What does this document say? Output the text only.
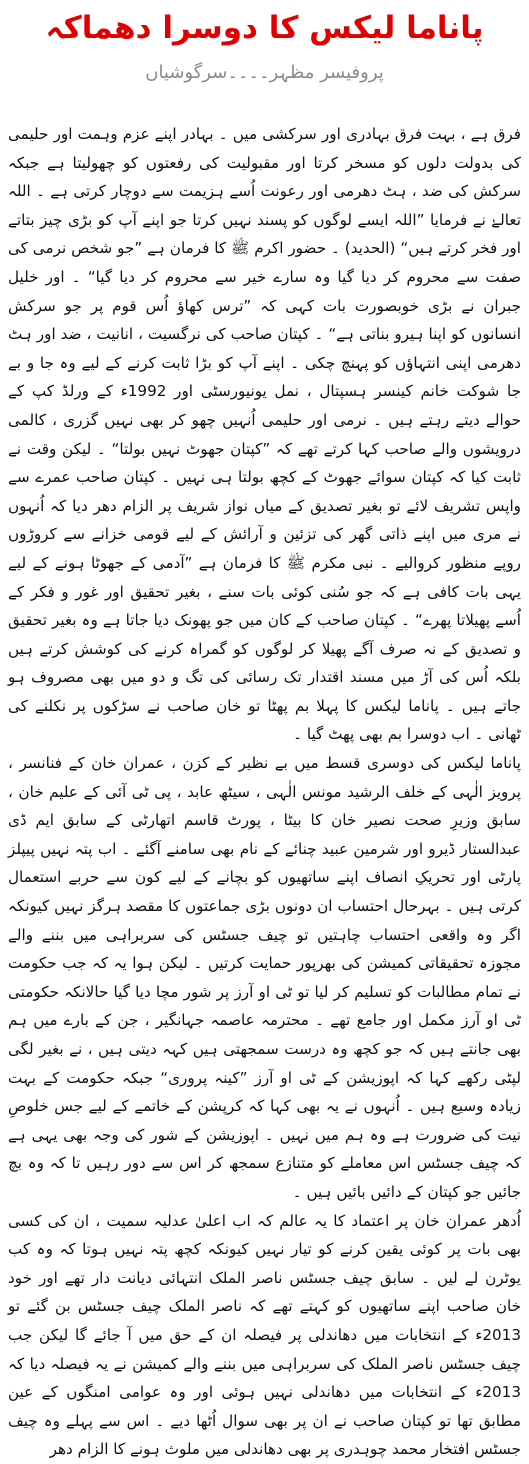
پاناما لیکس کا دوسرا دھماکہ
پروفیسر مظہر۔۔۔۔سرگوشیاں

فرق ہے ، بہت فرق بہادری اور سرکشی میں ۔ بہادر اپنے عزم وہمت اور حلیمی کی بدولت دلوں کو مسخر کرتا اور مقبولیت کی رفعتوں کو چھولیتا ہے جبکہ سرکش کی ضد ، ہٹ دھرمی اور رعونت اُسے ہزیمت سے دوچار کرتی ہے ۔ اللہ تعالےٰ نے فرمایا ”اللہ ایسے لوگوں کو پسند نہیں کرتا جو اپنے آپ کو بڑی چیز بتاتے اور فخر کرتے ہیں“ (الحدید) ۔ حضور اکرم ﷺ کا فرمان ہے ”جو شخص نرمی کی صفت سے محروم کر دیا گیا وہ سارے خیر سے محروم کر دیا گیا“ ۔ اور خلیل جبران نے بڑی خوبصورت بات کہی کہ ”ترس کھاؤ اُس قوم پر جو سرکش انسانوں کو اپنا ہیرو بناتی ہے“ ۔ کپتان صاحب کی نرگسیت ، انانیت ، ضد اور ہٹ دھرمی اپنی انتہاؤں کو پہنچ چکی ۔ اپنے آپ کو بڑا ثابت کرنے کے لیے وہ جا و بے جا شوکت خانم کینسر ہسپتال ، نمل یونیورسٹی اور 1992ء کے ورلڈ کپ کے حوالے دیتے رہتے ہیں ۔ نرمی اور حلیمی اُنہیں چھو کر بھی نہیں گزری ، کالمی درویشوں والے صاحب کہا کرتے تھے کہ ”کپتان جھوٹ نہیں بولتا“ ۔ لیکن وقت نے ثابت کیا کہ کپتان سوائے جھوٹ کے کچھ بولتا ہی نہیں ۔ کپتان صاحب عمرے سے واپس تشریف لائے تو بغیر تصدیق کے میاں نواز شریف پر الزام دھر دیا کہ اُنہوں نے مری میں اپنے ذاتی گھر کی تزئین و آرائش کے لیے قومی خزانے سے کروڑوں روپے منظور کروالیے ۔ نبی مکرم ﷺ کا فرمان ہے ”آدمی کے جھوٹا ہونے کے لیے یہی بات کافی ہے کہ جو سُنی کوئی بات سنے ، بغیر تحقیق اور غور و فکر کے اُسے پھیلاتا پھرے“ ۔ کپتان صاحب کے کان میں جو پھونک دیا جاتا ہے وہ بغیر تحقیق و تصدیق کے نہ صرف آگے پھیلا کر لوگوں کو گمراہ کرنے کی کوشش کرتے ہیں بلکہ اُس کی آڑ میں مسند اقتدار تک رسائی کی تگ و دو میں بھی مصروف ہو جاتے ہیں ۔ پاناما لیکس کا پہلا بم پھٹا تو خان صاحب نے سڑکوں پر نکلنے کی ٹھانی ۔ اب دوسرا بم بھی پھٹ گیا ۔

پاناما لیکس کی دوسری قسط میں بے نظیر کے کزن ، عمران خان کے فنانسر ، پرویز الٰہی کے خلف الرشید مونس الٰہی ، سیٹھ عابد ، پی ٹی آئی کے علیم خان ، سابق وزیرِ صحت نصیر خان کا بیٹا ، پورٹ قاسم اتھارٹی کے سابق ایم ڈی عبدالستار ڈیرو اور شرمین عبید چنائے کے نام بھی سامنے آگئے ۔ اب پتہ نہیں پیپلز پارٹی اور تحریکِ انصاف اپنے ساتھیوں کو بچانے کے لیے کون سے حربے استعمال کرتی ہیں ۔ بہرحال احتساب ان دونوں بڑی جماعتوں کا مقصد ہرگز نہیں کیونکہ اگر وہ واقعی احتساب چاہتیں تو چیف جسٹس کی سربراہی میں بننے والے مجوزہ تحقیقاتی کمیشن کی بھرپور حمایت کرتیں ۔ لیکن ہوا یہ کہ جب حکومت نے تمام مطالبات کو تسلیم کر لیا تو ٹی او آرز پر شور مچا دیا گیا حالانکہ حکومتی ٹی او آرز مکمل اور جامع تھے ۔ محترمہ عاصمہ جہانگیر ، جن کے بارے میں ہم بھی جانتے ہیں کہ جو کچھ وہ درست سمجھتی ہیں کہہ دیتی ہیں ، نے بغیر لگی لپٹی رکھے کہا کہ اپوزیشن کے ٹی او آرز ”کینہ پروری“ جبکہ حکومت کے بہت زیادہ وسیع ہیں ۔ اُنہوں نے یہ بھی کہا کہ کرپشن کے خاتمے کے لیے جس خلوصِ نیت کی ضرورت ہے وہ ہم میں نہیں ۔ اپوزیشن کے شور کی وجہ بھی یہی ہے کہ چیف جسٹس اس معاملے کو متنازع سمجھ کر اس سے دور رہیں تا کہ وہ بچ جائیں جو کپتان کے دائیں بائیں ہیں ۔

اُدھر عمران خان پر اعتماد کا یہ عالم کہ اب اعلیٰ عدلیہ سمیت ، ان کی کسی بھی بات پر کوئی یقین کرنے کو تیار نہیں کیونکہ کچھ پتہ نہیں ہوتا کہ وہ کب یوٹرن لے لیں ۔ سابق چیف جسٹس ناصر الملک انتہائی دیانت دار تھے اور خود خان صاحب اپنے ساتھیوں کو کہتے تھے کہ ناصر الملک چیف جسٹس بن گئے تو 2013ء کے انتخابات میں دھاندلی پر فیصلہ ان کے حق میں آ جائے گا لیکن جب چیف جسٹس ناصر الملک کی سربراہی میں بننے والے کمیشن نے یہ فیصلہ دیا کہ 2013ء کے انتخابات میں دھاندلی نہیں ہوئی اور وہ عوامی امنگوں کے عین مطابق تھا تو کپتان صاحب نے ان پر بھی سوال اُٹھا دیے ۔ اس سے پہلے وہ چیف جسٹس افتخار محمد چوہدری پر بھی دھاندلی میں ملوث ہونے کا الزام دھر
